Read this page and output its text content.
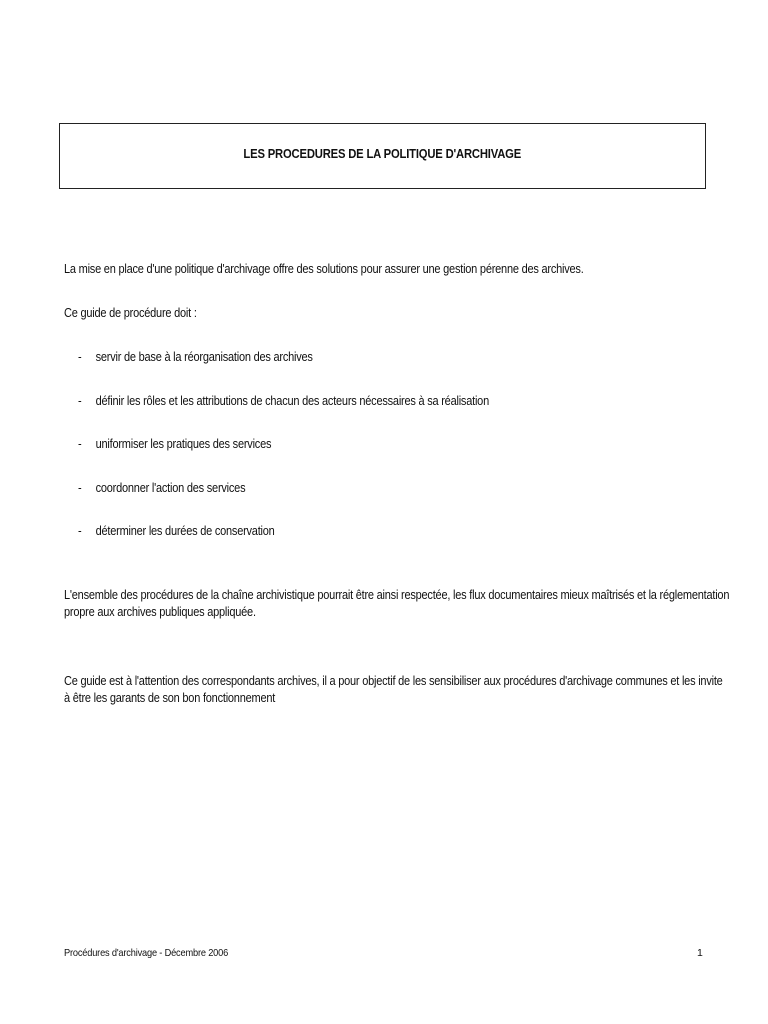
LES PROCEDURES DE LA POLITIQUE D'ARCHIVAGE
La mise en place d'une politique d'archivage offre des solutions pour assurer une gestion pérenne des archives.
Ce guide de procédure doit :
- servir de base à la réorganisation des archives
- définir les rôles et les attributions de chacun des acteurs nécessaires à sa réalisation
- uniformiser les pratiques des services
- coordonner l'action des services
- déterminer les durées de conservation
L'ensemble des procédures de la chaîne archivistique pourrait être ainsi respectée, les flux documentaires mieux maîtrisés et la réglementation
propre aux archives publiques appliquée.
Ce guide est à l'attention des correspondants archives, il a pour objectif de les sensibiliser aux procédures d'archivage communes et les invite
à être les garants de son bon fonctionnement
Procédures d'archivage - Décembre 2006	1
